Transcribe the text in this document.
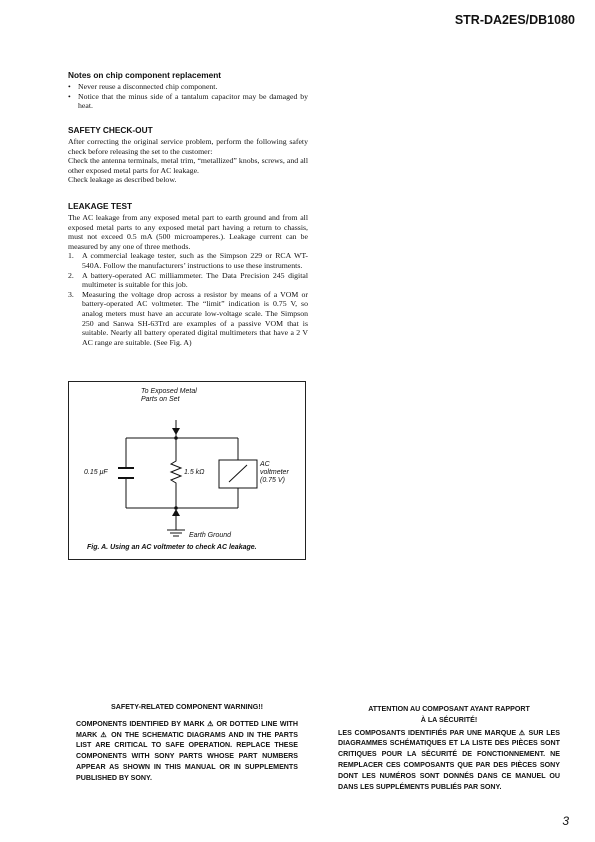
STR-DA2ES/DB1080
Notes on chip component replacement
• Never reuse a disconnected chip component.
• Notice that the minus side of a tantalum capacitor may be damaged by heat.
SAFETY CHECK-OUT

After correcting the original service problem, perform the following safety check before releasing the set to the customer:

Check the antenna terminals, metal trim, “metallized” knobs, screws, and all other exposed metal parts for AC leakage.

Check leakage as described below.

LEAKAGE TEST

The AC leakage from any exposed metal part to earth ground and from all exposed metal parts to any exposed metal part having a return to chassis, must not exceed 0.5 mA (500 microamperes.). Leakage current can be measured by any one of three methods.

1.	A commercial leakage tester, such as the Simpson 229 or RCA WT-540A. Follow the manufacturers’ instructions to use these instruments.
2.	A battery-operated AC milliammeter. The Data Precision 245 digital multimeter is suitable for this job.
3.	Measuring the voltage drop across a resistor by means of a VOM or battery-operated AC voltmeter. The “limit” indication is 0.75 V, so analog meters must have an accurate low-voltage scale. The Simpson 250 and Sanwa SH-63Trd are examples of a passive VOM that is suitable. Nearly all battery operated digital multimeters that have a 2 V AC range are suitable. (See Fig. A)
To Exposed Metal
Parts on Set
0.15 μF	1.5 kΩ
AC
voltmeter
(0.75 V)
Earth Ground
Fig. A. Using an AC voltmeter to check AC leakage.
SAFETY-RELATED COMPONENT WARNING!!
COMPONENTS IDENTIFIED BY MARK ⚠ OR DOTTED LINE WITH MARK ⚠ ON THE SCHEMATIC DIAGRAMS AND IN THE PARTS LIST ARE CRITICAL TO SAFE OPERATION. REPLACE THESE COMPONENTS WITH SONY PARTS WHOSE PART NUMBERS APPEAR AS SHOWN IN THIS MANUAL OR IN SUPPLEMENTS PUBLISHED BY SONY.
ATTENTION AU COMPOSANT AYANT RAPPORT
À LA SÉCURITÉ!
LES COMPOSANTS IDENTIFIÉS PAR UNE MARQUE ⚠ SUR LES DIAGRAMMES SCHÉMATIQUES ET LA LISTE DES PIÈCES SONT CRITIQUES POUR LA SÉCURITÉ DE FONCTIONNEMENT. NE REMPLACER CES COMPOSANTS QUE PAR DES PIÈCES SONY DONT LES NUMÉROS SONT DONNÉS DANS CE MANUEL OU DANS LES SUPPLÉMENTS PUBLIÉS PAR SONY.
3
